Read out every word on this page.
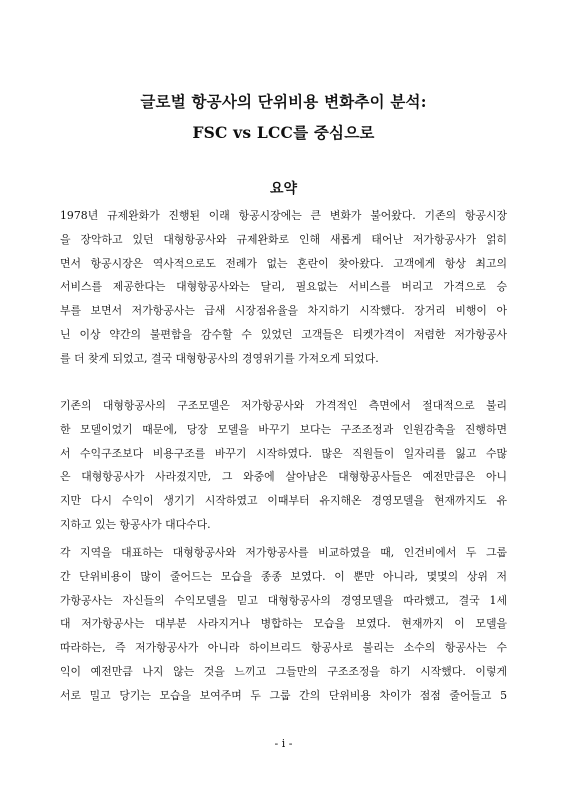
글로벌 항공사의 단위비용 변화추이 분석:
FSC vs LCC를 중심으로
요약
1978년 규제완화가 진행된 이래 항공시장에는 큰 변화가 불어왔다. 기존의 항공시장
을 장악하고 있던 대형항공사와 규제완화로 인해 새롭게 태어난 저가항공사가 얽히
면서 항공시장은 역사적으로도 전례가 없는 혼란이 찾아왔다. 고객에게 항상 최고의
서비스를 제공한다는 대형항공사와는 달리, 필요없는 서비스를 버리고 가격으로 승
부를 보면서 저가항공사는 급새 시장점유율을 차지하기 시작했다. 장거리 비행이 아
닌 이상 약간의 불편함을 감수할 수 있었던 고객들은 티켓가격이 저렴한 저가항공사
를 더 찾게 되었고, 결국 대형항공사의 경영위기를 가져오게 되었다.
기존의 대형항공사의 구조모델은 저가항공사와 가격적인 측면에서 절대적으로 불리
한 모델이었기 때문에, 당장 모델을 바꾸기 보다는 구조조정과 인원감축을 진행하면
서 수익구조보다 비용구조를 바꾸기 시작하였다. 많은 직원들이 일자리를 잃고 수많
은 대형항공사가 사라졌지만, 그 와중에 살아남은 대형항공사들은 예전만큼은 아니
지만 다시 수익이 생기기 시작하였고 이때부터 유지해온 경영모델을 현재까지도 유
지하고 있는 항공사가 대다수다.
각 지역을 대표하는 대형항공사와 저가항공사를 비교하였을 때, 인건비에서 두 그룹
간 단위비용이 많이 줄어드는 모습을 종종 보였다. 이 뿐만 아니라, 몇몇의 상위 저
가항공사는 자신들의 수익모델을 믿고 대형항공사의 경영모델을 따라했고, 결국 1세
대 저가항공사는 대부분 사라지거나 병합하는 모습을 보였다. 현재까지 이 모델을
따라하는, 즉 저가항공사가 아니라 하이브리드 항공사로 불리는 소수의 항공사는 수
익이 예전만큼 나지 않는 것을 느끼고 그들만의 구조조정을 하기 시작했다. 이렇게
서로 밀고 당기는 모습을 보여주며 두 그룹 간의 단위비용 차이가 점점 줄어들고 5
- i -
